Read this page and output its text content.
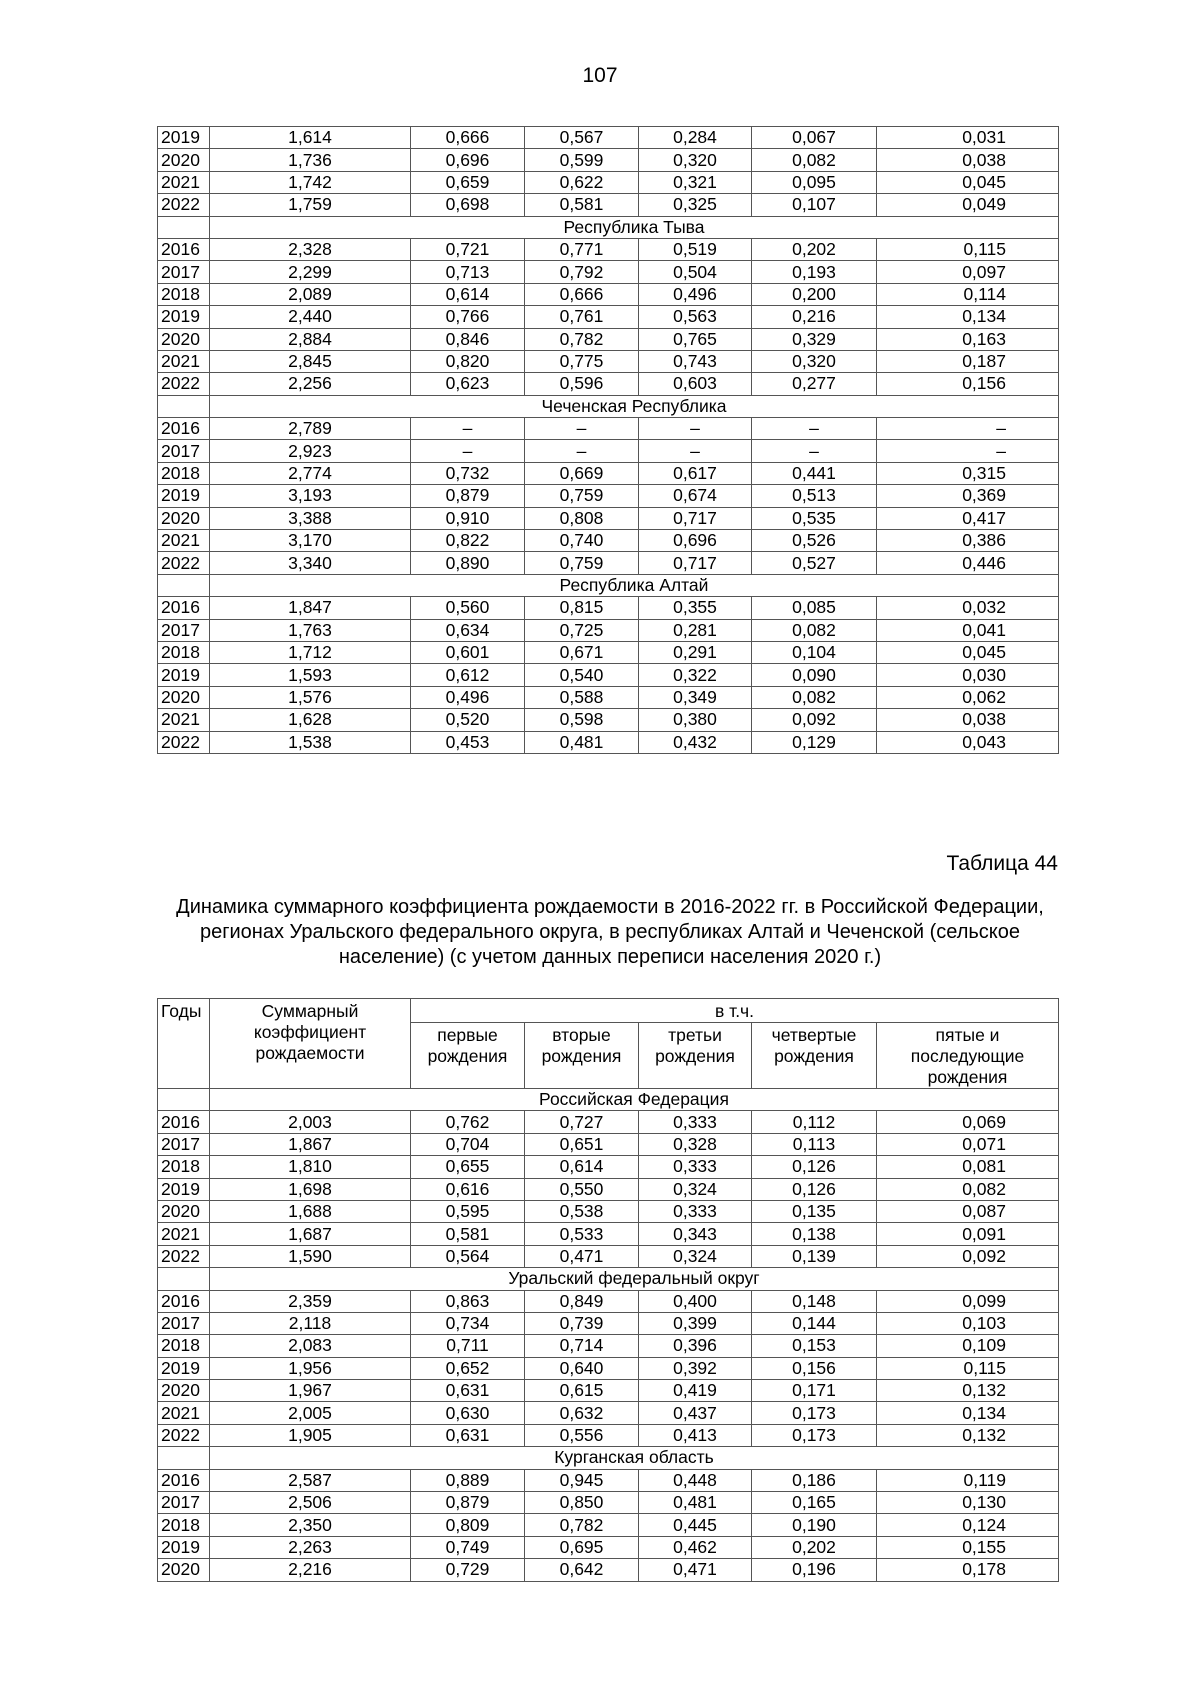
107
2019	1,614	0,666	0,567	0,284	0,067	0,031
2020	1,736	0,696	0,599	0,320	0,082	0,038
2021	1,742	0,659	0,622	0,321	0,095	0,045
2022	1,759	0,698	0,581	0,325	0,107	0,049
	Республика Тыва					
2016	2,328	0,721	0,771	0,519	0,202	0,115
2017	2,299	0,713	0,792	0,504	0,193	0,097
2018	2,089	0,614	0,666	0,496	0,200	0,114
2019	2,440	0,766	0,761	0,563	0,216	0,134
2020	2,884	0,846	0,782	0,765	0,329	0,163
2021	2,845	0,820	0,775	0,743	0,320	0,187
2022	2,256	0,623	0,596	0,603	0,277	0,156
	Чеченская Республика					
2016	2,789	–	–	–	–	–
2017	2,923	–	–	–	–	–
2018	2,774	0,732	0,669	0,617	0,441	0,315
2019	3,193	0,879	0,759	0,674	0,513	0,369
2020	3,388	0,910	0,808	0,717	0,535	0,417
2021	3,170	0,822	0,740	0,696	0,526	0,386
2022	3,340	0,890	0,759	0,717	0,527	0,446
	Республика Алтай					
2016	1,847	0,560	0,815	0,355	0,085	0,032
2017	1,763	0,634	0,725	0,281	0,082	0,041
2018	1,712	0,601	0,671	0,291	0,104	0,045
2019	1,593	0,612	0,540	0,322	0,090	0,030
2020	1,576	0,496	0,588	0,349	0,082	0,062
2021	1,628	0,520	0,598	0,380	0,092	0,038
2022	1,538	0,453	0,481	0,432	0,129	0,043
Таблица 44
Динамика суммарного коэффициента рождаемости в 2016-2022 гг. в Российской Федерации, регионах Уральского федерального округа, в республиках Алтай и Чеченской (сельское население) (с учетом данных переписи населения 2020 г.)
Годы	Суммарный коэффициент рождаемости	в т.ч.				
		первые рождения	вторые рождения	третьи рождения	четвертые рождения	пятые и последующие рождения
	Российская Федерация					
2016	2,003	0,762	0,727	0,333	0,112	0,069
2017	1,867	0,704	0,651	0,328	0,113	0,071
2018	1,810	0,655	0,614	0,333	0,126	0,081
2019	1,698	0,616	0,550	0,324	0,126	0,082
2020	1,688	0,595	0,538	0,333	0,135	0,087
2021	1,687	0,581	0,533	0,343	0,138	0,091
2022	1,590	0,564	0,471	0,324	0,139	0,092
	Уральский федеральный округ					
2016	2,359	0,863	0,849	0,400	0,148	0,099
2017	2,118	0,734	0,739	0,399	0,144	0,103
2018	2,083	0,711	0,714	0,396	0,153	0,109
2019	1,956	0,652	0,640	0,392	0,156	0,115
2020	1,967	0,631	0,615	0,419	0,171	0,132
2021	2,005	0,630	0,632	0,437	0,173	0,134
2022	1,905	0,631	0,556	0,413	0,173	0,132
	Курганская область					
2016	2,587	0,889	0,945	0,448	0,186	0,119
2017	2,506	0,879	0,850	0,481	0,165	0,130
2018	2,350	0,809	0,782	0,445	0,190	0,124
2019	2,263	0,749	0,695	0,462	0,202	0,155
2020	2,216	0,729	0,642	0,471	0,196	0,178
